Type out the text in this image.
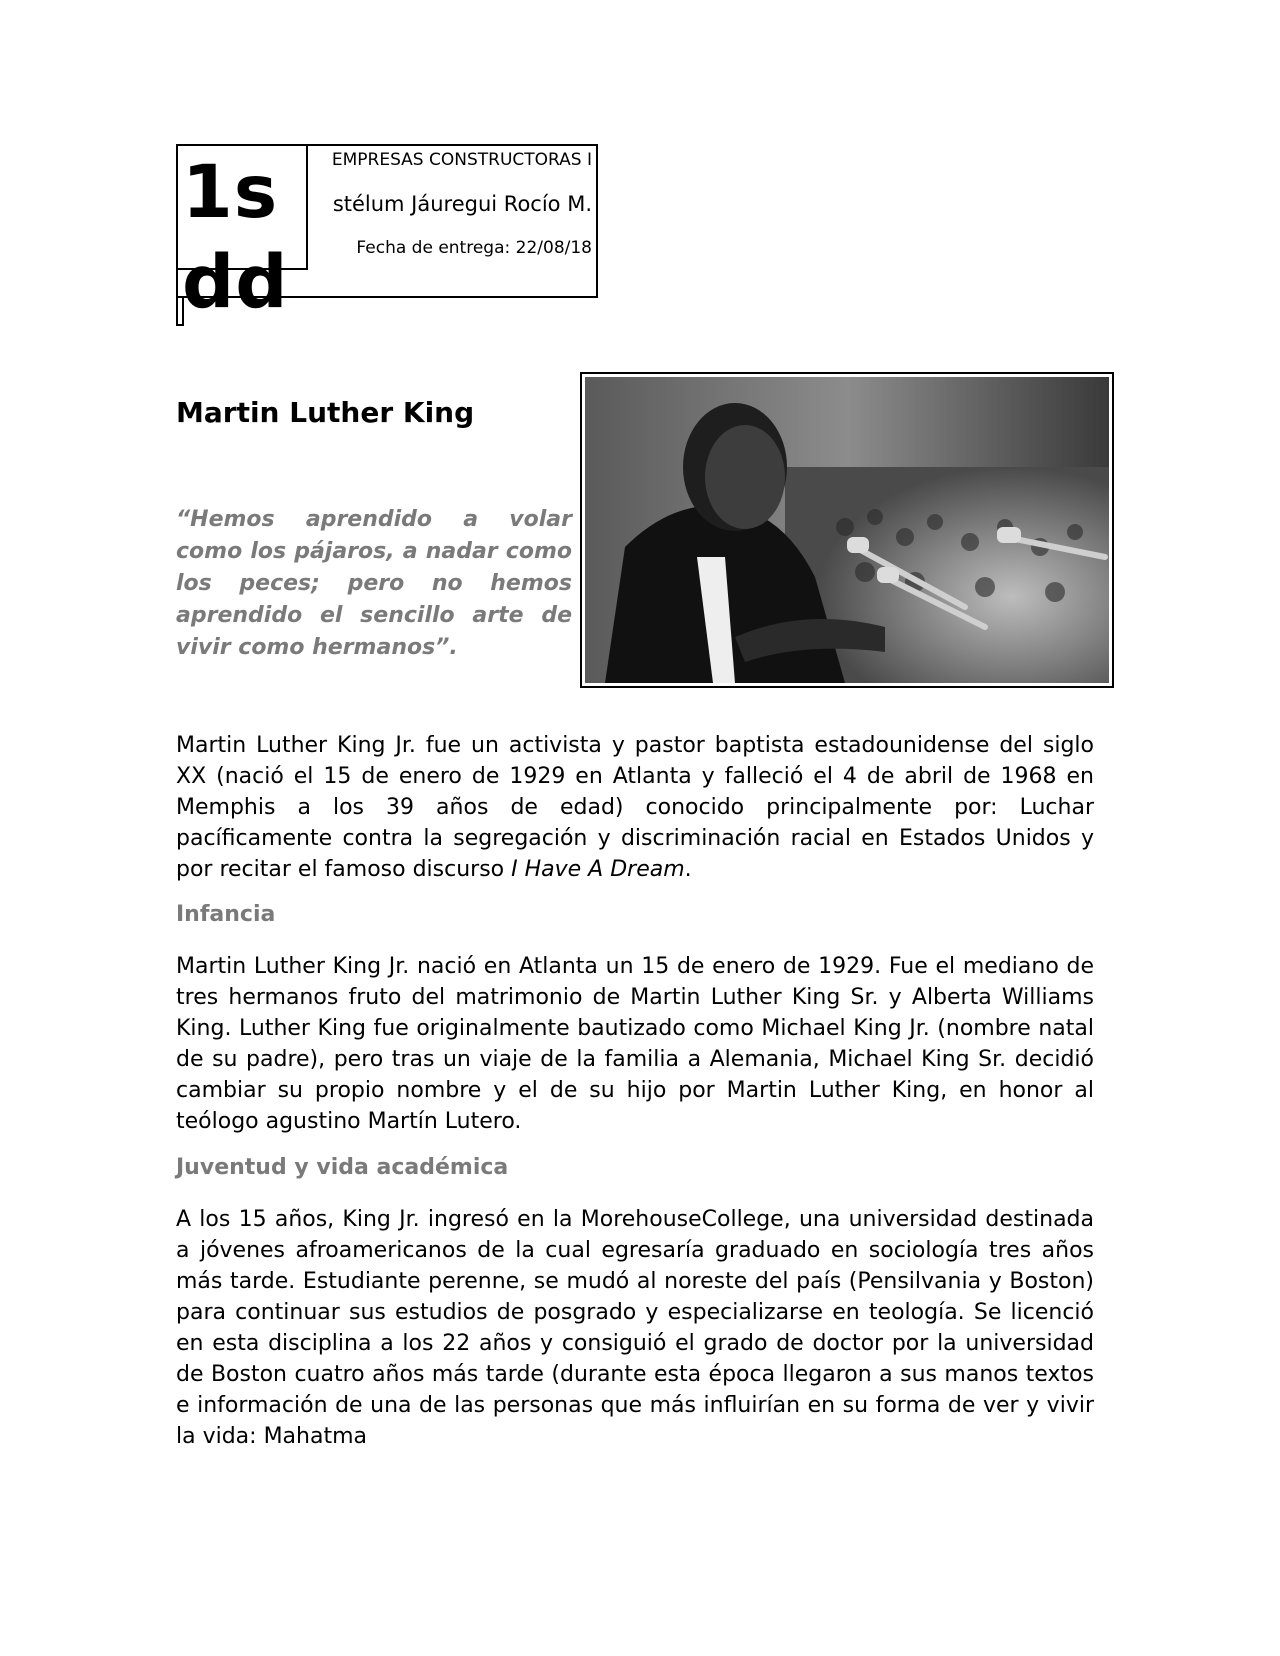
1s
dd
EMPRESAS CONSTRUCTORAS I
stélum Jáuregui Rocío M.
Fecha de entrega: 22/08/18
Martin Luther King

“Hemos aprendido a volar como los pájaros, a nadar como los peces; pero no hemos aprendido el sencillo arte de vivir como hermanos”.

Martin Luther King Jr. fue un activista y pastor baptista estadounidense del siglo XX (nació el 15 de enero de 1929 en Atlanta y falleció el 4 de abril de 1968 en Memphis a los 39 años de edad) conocido principalmente por: Luchar pacíficamente contra la segregación y discriminación racial en Estados Unidos y por recitar el famoso discurso I Have A Dream.

Infancia

Martin Luther King Jr. nació en Atlanta un 15 de enero de 1929. Fue el mediano de tres hermanos fruto del matrimonio de Martin Luther King Sr. y Alberta Williams King. Luther King fue originalmente bautizado como Michael King Jr. (nombre natal de su padre), pero tras un viaje de la familia a Alemania, Michael King Sr. decidió cambiar su propio nombre y el de su hijo por Martin Luther King, en honor al teólogo agustino Martín Lutero.

Juventud y vida académica

A los 15 años, King Jr. ingresó en la MorehouseCollege, una universidad destinada a jóvenes afroamericanos de la cual egresaría graduado en sociología tres años más tarde. Estudiante perenne, se mudó al noreste del país (Pensilvania y Boston) para continuar sus estudios de posgrado y especializarse en teología. Se licenció en esta disciplina a los 22 años y consiguió el grado de doctor por la universidad de Boston cuatro años más tarde (durante esta época llegaron a sus manos textos e información de una de las personas que más influirían en su forma de ver y vivir la vida: Mahatma
